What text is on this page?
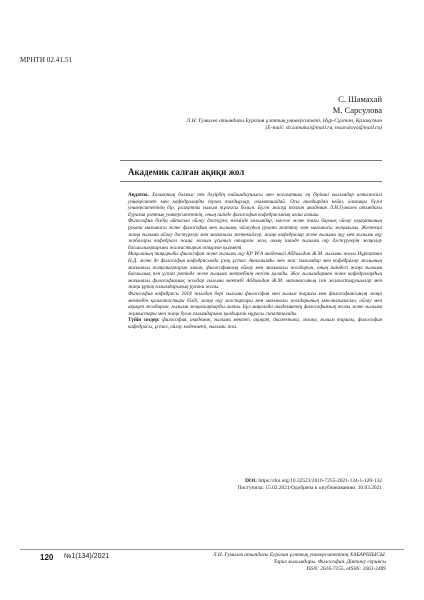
МРНТИ 02.41.51
С. Шамахай
М. Сарсулова
Л.Н. Гумилев атындағы Еуразия ұлттық университеті, Нұр-Сұлтан, Қазақстан
(E-mail: sh.samakai@mail.ru, msarulova@mail.ru)
Академик салған ақиқи жол

Аңдатпа. Халықтық болмыс пен дәуірдің пайымдаушысы мен насихатшы ең бірінші ғылымдар нәтижелілі университет мен кафедраларды туған тағдырлар, азаматшадай. Осы тағдырдан кейін, алғашқы бүгін университетінің бір, ұлағатты ғылым тұлғасы болып. Бүгін жасқа толған академик Л.Н.Гумилев атындағы Еуразия ұлттық университетінің, оның ішінде философия кафедрасының ағаш ағашы.

Философия біздің айтасын ойлау дәстүрін, өзімізде ғалымдар, мәселе және тағы барлық ойлау ақиқатының рухани мағынасы және философия мен ғылыми, ойлаудың рухани жаттау мән мағынасы жаңалығы. Жетекші жаңа ғылыми ойлау дәстүрлері мен мағыналы жетекшілер, жаңа кафедралар және ғылыми оқу мен ғылыми оқу жобалары кафедраға жаңа жолын ұсынып отырған жол, оның ішінде ғылыми оқу дәстүрлерін жаңалау басшылықтарына жалғастырып отырған қызметі.

Мақаланың тақырыбы философия және ғылыми оқу ҚР ҰҒА академигі Абдильдин Ж.М. ғылыми жолы Нұртазина Н.Д. және де философия кафедрасында ұзақ ұстаз. Анаалымды мен жас ғылымдар мен кафедралар жолының мағыналы жаңалықтарын ашып, философиялық ойлау мен мағыналы жолдарын, оның ішіндегі жаңа ғылыми басшылық пен ұстаз ретінде жеке ғылыми мектебінің негізін қалады. Жас ғылымдармен және кафедралардың мағыналы философиялық жолдар ғылыми мектебі Абдильдин Ж.М. мағынасының ізін жалғастырушылар мен жаңа ұрпақ ғалымдарының рухани жолы.

Философия кафедрасы 2018 жылдан бері ғылыми философия мен ғылым тарихы мен философиясының жаңа мектебін қалыптастыра білді, жаңа оқу жоспарлары мен мағыналы жолдарының мән-мағынасын, ойлау мен ақиқат жолдарын, ғылыми жаңалықтарды ашты. Бұл мақалада академиктің философиялық жолы және ғылыми жұмыстары мен жаңа буын ғалымдарына қалдырған мұрасы сипатталады.

Түйін сөздер: философия, академик, ғылыми мектеп, ақиқат, диалектика, логика, ғылым тарихы, философия кафедрасы, ұстаз, ойлау мәдениеті, ғылыми жол.

DOI: https://doi.org/10.32523/2616-7255-2021-134-1-120-132
Поступила: 15.02.2021/Одобрена к опубликованию: 10.03.2021
120 №1(134)/2021	Л.Н. Гумилев атындағы Еуразия ұлттық университетінің ХАБАРШЫСЫ.
Тарих ғылымдары. Философия. Дінтану сериясы
ISSN: 2616-7255, eISSN: 2663-2489
